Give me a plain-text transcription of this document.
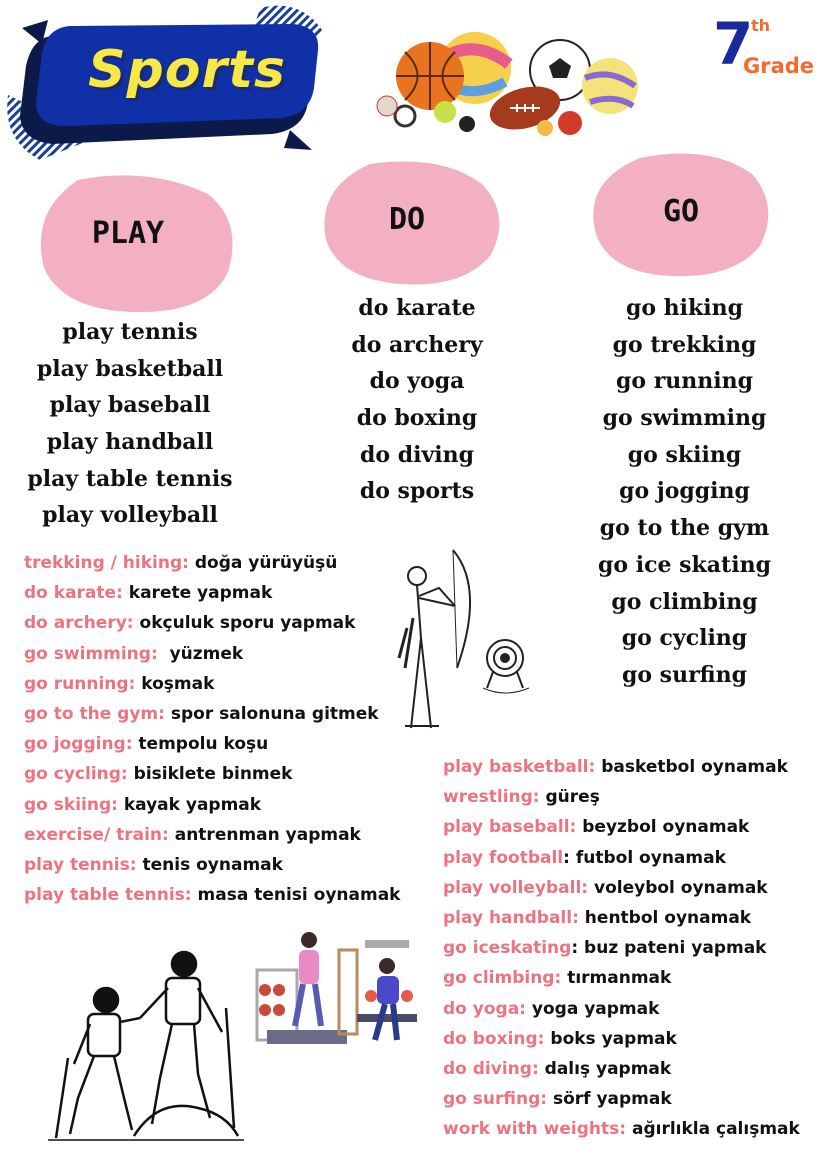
Sports	7
th
Grade
PLAY	DO	GO
play tennis
play basketball
play baseball
play handball
play table tennis
play volleyball
do karate
do archery
do yoga
do boxing
do diving
do sports
go hiking
go trekking
go running
go swimming
go skiing
go jogging
go to the gym
go ice skating
go climbing
go cycling
go surfing
trekking / hiking: doğa yürüyüşü
do karate: karete yapmak
do archery: okçuluk sporu yapmak
go swimming:  yüzmek
go running: koşmak
go to the gym: spor salonuna gitmek
go jogging: tempolu koşu
go cycling: bisiklete binmek
go skiing: kayak yapmak
exercise/ train: antrenman yapmak
play tennis: tenis oynamak
play table tennis: masa tenisi oynamak
play basketball: basketbol oynamak
wrestling: güreş
play baseball: beyzbol oynamak
play football: futbol oynamak
play volleyball: voleybol oynamak
play handball: hentbol oynamak
go iceskating: buz pateni yapmak
go climbing: tırmanmak
do yoga: yoga yapmak
do boxing: boks yapmak
do diving: dalış yapmak
go surfing: sörf yapmak
work with weights: ağırlıkla çalışmak
